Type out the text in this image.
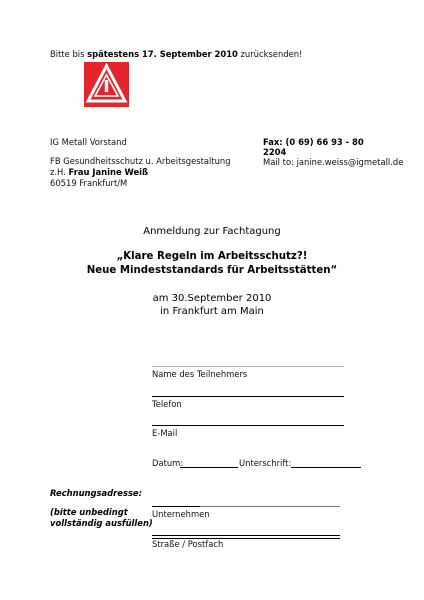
Bitte bis spätestens 17. September 2010 zurücksenden!
IG Metall Vorstand
FB Gesundheitsschutz u. Arbeitsgestaltung
z.H. Frau Janine Weiß
60519 Frankfurt/M
Fax: (0 69) 66 93 - 80
2204
Mail to: janine.weiss@igmetall.de
Anmeldung zur Fachtagung
„Klare Regeln im Arbeitsschutz?!
Neue Mindeststandards für Arbeitsstätten“
am 30.September 2010
in Frankfurt am Main
Name des Teilnehmers
Telefon
E-Mail
Datum:	Unterschrift:
Rechnungsadresse:
(bitte unbedingt
vollständig ausfüllen)
Unternehmen
Straße / Postfach
